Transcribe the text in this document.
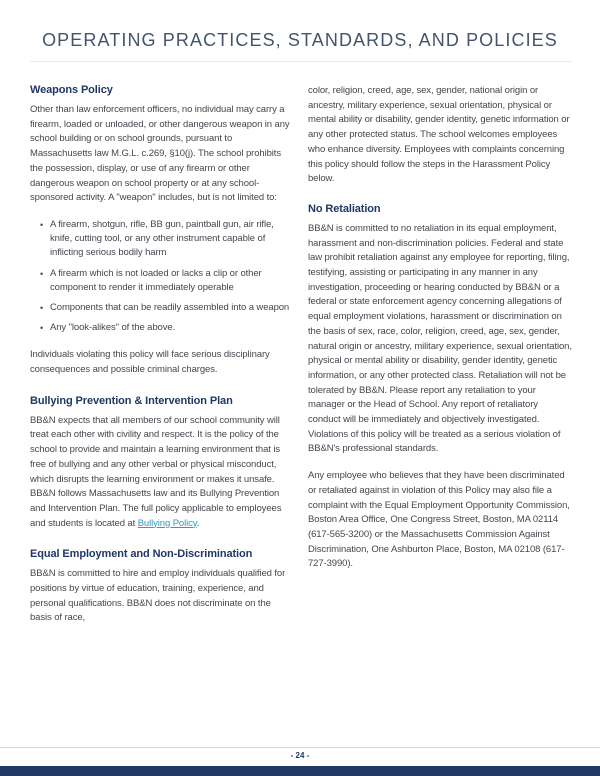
OPERATING PRACTICES, STANDARDS, AND POLICIES
Weapons Policy

Other than law enforcement officers, no individual may carry a firearm, loaded or unloaded, or other dangerous weapon in any school building or on school grounds, pursuant to Massachusetts law M.G.L. c.269, §10(j). The school prohibits the possession, display, or use of any firearm or other dangerous weapon on school property or at any school-sponsored activity. A "weapon" includes, but is not limited to:

• A firearm, shotgun, rifle, BB gun, paintball gun, air rifle, knife, cutting tool, or any other instrument capable of inflicting serious bodily harm
• A firearm which is not loaded or lacks a clip or other component to render it immediately operable
• Components that can be readily assembled into a weapon
• Any "look-alikes" of the above.

Individuals violating this policy will face serious disciplinary consequences and possible criminal charges.

Bullying Prevention & Intervention Plan

BB&N expects that all members of our school community will treat each other with civility and respect. It is the policy of the school to provide and maintain a learning environment that is free of bullying and any other verbal or physical misconduct, which disrupts the learning environment or makes it unsafe. BB&N follows Massachusetts law and its Bullying Prevention and Intervention Plan. The full policy applicable to employees and students is located at Bullying Policy.

Equal Employment and Non-Discrimination

BB&N is committed to hire and employ individuals qualified for positions by virtue of education, training, experience, and personal qualifications. BB&N does not discriminate on the basis of race,

color, religion, creed, age, sex, gender, national origin or ancestry, military experience, sexual orientation, physical or mental ability or disability, gender identity, genetic information or any other protected status. The school welcomes employees who enhance diversity. Employees with complaints concerning this policy should follow the steps in the Harassment Policy below.

No Retaliation

BB&N is committed to no retaliation in its equal employment, harassment and non-discrimination policies. Federal and state law prohibit retaliation against any employee for reporting, filing, testifying, assisting or participating in any manner in any investigation, proceeding or hearing conducted by BB&N or a federal or state enforcement agency concerning allegations of equal employment violations, harassment or discrimination on the basis of sex, race, color, religion, creed, age, sex, gender, natural origin or ancestry, military experience, sexual orientation, physical or mental ability or disability, gender identity, genetic information, or any other protected class. Retaliation will not be tolerated by BB&N. Please report any retaliation to your manager or the Head of School. Any report of retaliatory conduct will be immediately and objectively investigated. Violations of this policy will be treated as a serious violation of BB&N's professional standards.

Any employee who believes that they have been discriminated or retaliated against in violation of this Policy may also file a complaint with the Equal Employment Opportunity Commission, Boston Area Office, One Congress Street, Boston, MA 02114 (617-565-3200) or the Massachusetts Commission Against Discrimination, One Ashburton Place, Boston, MA 02108 (617-727-3990).

- 24 -
